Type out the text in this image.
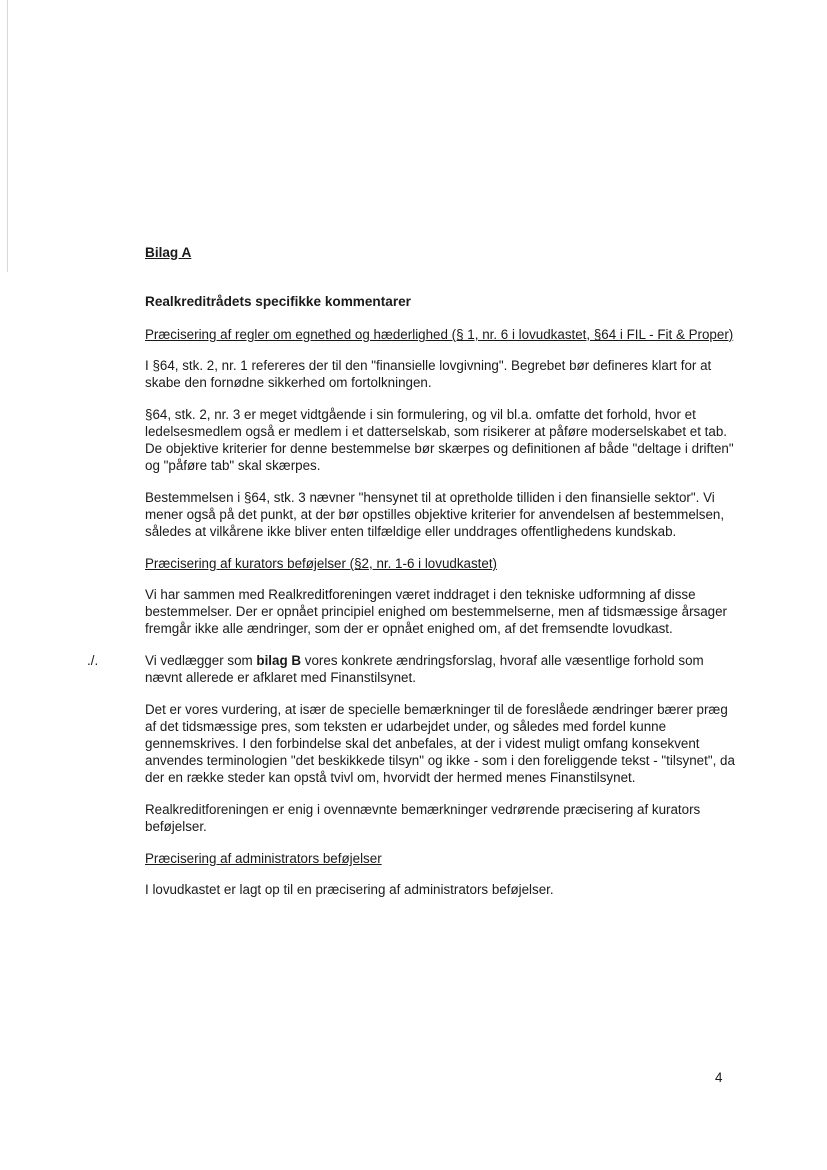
Bilag A

Realkreditrådets specifikke kommentarer

Præcisering af regler om egnethed og hæderlighed (§ 1, nr. 6 i lovudkastet, §64 i FIL - Fit & Proper)

I §64, stk. 2, nr. 1 refereres der til den "finansielle lovgivning". Begrebet bør defineres klart for at skabe den fornødne sikkerhed om fortolkningen.

§64, stk. 2, nr. 3 er meget vidtgående i sin formulering, og vil bl.a. omfatte det forhold, hvor et ledelsesmedlem også er medlem i et datterselskab, som risikerer at påføre moderselskabet et tab. De objektive kriterier for denne bestemmelse bør skærpes og definitionen af både "deltage i driften" og "påføre tab" skal skærpes.

Bestemmelsen i §64, stk. 3 nævner "hensynet til at opretholde tilliden i den finansielle sektor". Vi mener også på det punkt, at der bør opstilles objektive kriterier for anvendelsen af bestemmelsen, således at vilkårene ikke bliver enten tilfældige eller unddrages offentlighedens kundskab.

Præcisering af kurators beføjelser (§2, nr. 1-6 i lovudkastet)

Vi har sammen med Realkreditforeningen været inddraget i den tekniske udformning af disse bestemmelser. Der er opnået principiel enighed om bestemmelserne, men af tidsmæssige årsager fremgår ikke alle ændringer, som der er opnået enighed om, af det fremsendte lovudkast.

./.	Vi vedlægger som bilag B vores konkrete ændringsforslag, hvoraf alle væsentlige forhold som nævnt allerede er afklaret med Finanstilsynet.

Det er vores vurdering, at især de specielle bemærkninger til de foreslåede ændringer bærer præg af det tidsmæssige pres, som teksten er udarbejdet under, og således med fordel kunne gennemskrives. I den forbindelse skal det anbefales, at der i videst muligt omfang konsekvent anvendes terminologien "det beskikkede tilsyn" og ikke - som i den foreliggende tekst - "tilsynet", da der en række steder kan opstå tvivl om, hvorvidt der hermed menes Finanstilsynet.

Realkreditforeningen er enig i ovennævnte bemærkninger vedrørende præcisering af kurators beføjelser.

Præcisering af administrators beføjelser

I lovudkastet er lagt op til en præcisering af administrators beføjelser.

4
